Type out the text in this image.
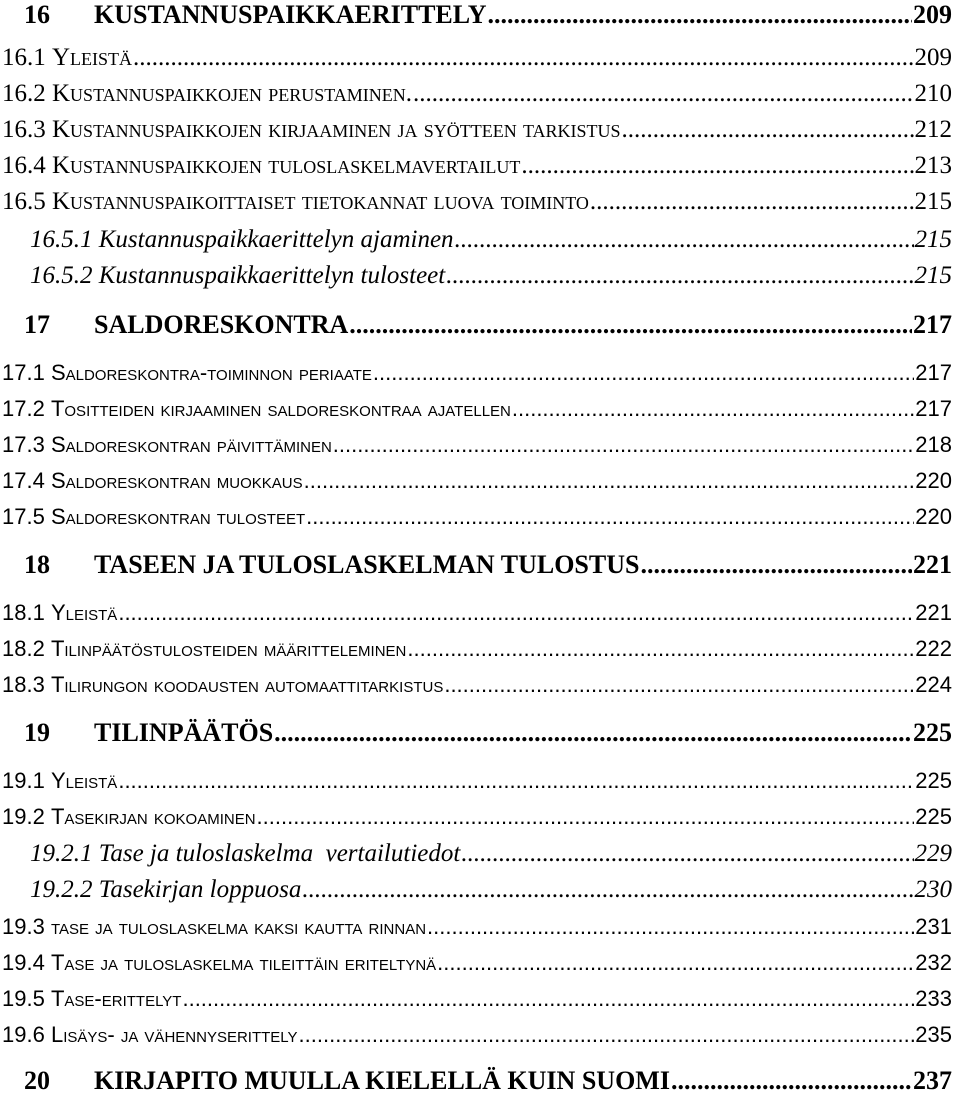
16 KUSTANNUSPAIKKAERITTELY .....	209
16.1 Yleistä .....	209
16.2 Kustannuspaikkojen perustaminen. .....	210
16.3 Kustannuspaikkojen kirjaaminen ja syötteen tarkistus .....	212
16.4 Kustannuspaikkojen tuloslaskelmavertailut .....	213
16.5 Kustannuspaikoittaiset tietokannat luova toiminto .....	215
16.5.1 Kustannuspaikkaerittelyn ajaminen .....	215
16.5.2 Kustannuspaikkaerittelyn tulosteet .....	215
17 SALDORESKONTRA .....	217
17.1 Saldoreskontra-toiminnon periaate .....	217
17.2 Tositteiden kirjaaminen saldoreskontraa ajatellen .....	217
17.3 Saldoreskontran päivittäminen .....	218
17.4 Saldoreskontran muokkaus .....	220
17.5 Saldoreskontran tulosteet .....	220
18 TASEEN JA TULOSLASKELMAN TULOSTUS .....	221
18.1 Yleistä .....	221
18.2 Tilinpäätöstulosteiden määritteleminen .....	222
18.3 Tilirungon koodausten automaattitarkistus .....	224
19 TILINPÄÄTÖS .....	225
19.1 Yleistä .....	225
19.2 Tasekirjan kokoaminen .....	225
19.2.1 Tase ja tuloslaskelma  vertailutiedot .....	229
19.2.2 Tasekirjan loppuosa .....	230
19.3 tase ja tuloslaskelma kaksi kautta rinnan .....	231
19.4 Tase ja tuloslaskelma tileittäin eriteltynä .....	232
19.5 Tase-erittelyt .....	233
19.6 Lisäys- ja vähennyserittely .....	235
20 KIRJAPITO MUULLA KIELELLÄ KUIN SUOMI .....	237
